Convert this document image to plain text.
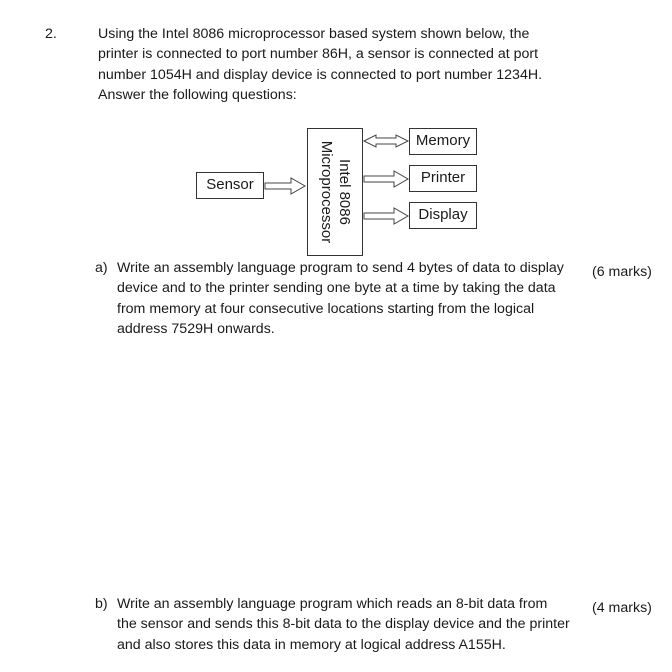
2.	Using the Intel 8086 microprocessor based system shown below, the
printer is connected to port number 86H, a sensor is connected at port
number 1054H and display device is connected to port number 1234H.
Answer the following questions:

Sensor	Intel 8086
Microprocessor	Memory
Printer
Display
a) Write an assembly language program to send 4 bytes of data to display
device and to the printer sending one byte at a time by taking the data
from memory at four consecutive locations starting from the logical
address 7529H onwards.
(6 marks)
b) Write an assembly language program which reads an 8-bit data from
the sensor and sends this 8-bit data to the display device and the printer
and also stores this data in memory at logical address A155H.
(4 marks)
